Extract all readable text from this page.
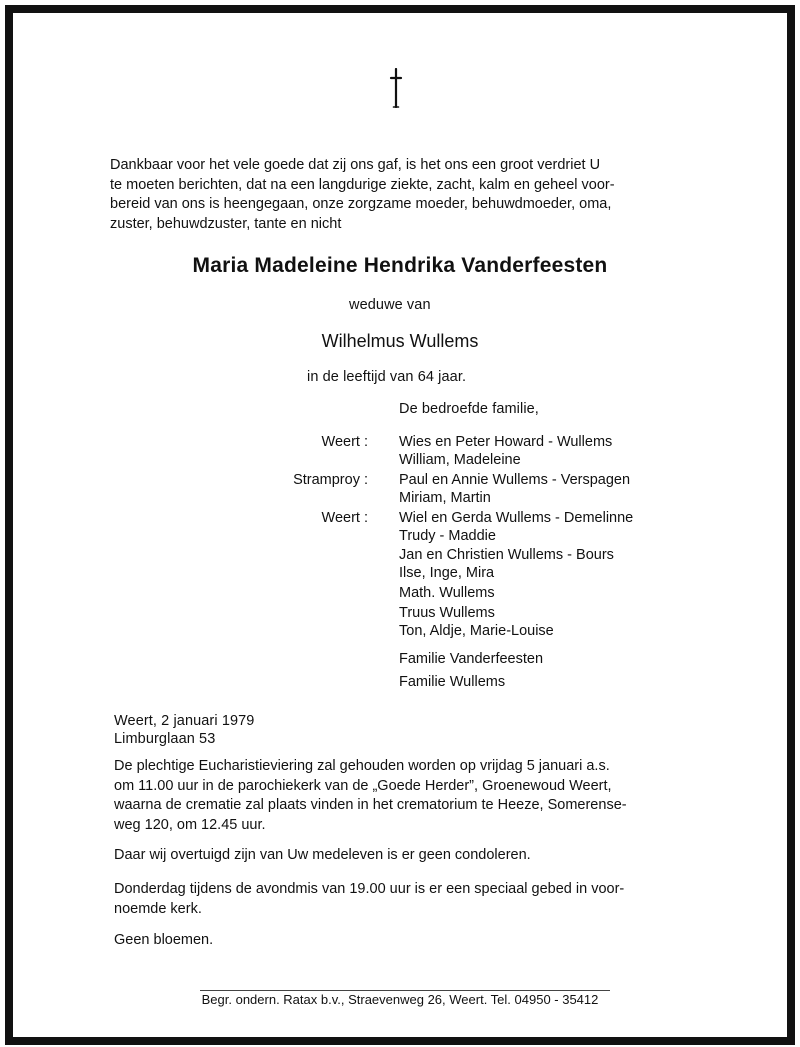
Dankbaar voor het vele goede dat zij ons gaf, is het ons een groot verdriet U
te moeten berichten, dat na een langdurige ziekte, zacht, kalm en geheel voor-
bereid van ons is heengegaan, onze zorgzame moeder, behuwdmoeder, oma,
zuster, behuwdzuster, tante en nicht
Maria Madeleine Hendrika Vanderfeesten
weduwe van
Wilhelmus Wullems
in de leeftijd van 64 jaar.
De bedroefde familie,
Weert :
Stramproy :
Weert :
Wies en Peter Howard - Wullems
William, Madeleine
Paul en Annie Wullems - Verspagen
Miriam, Martin
Wiel en Gerda Wullems - Demelinne
Trudy - Maddie
Jan en Christien Wullems - Bours
Ilse, Inge, Mira
Math. Wullems
Truus Wullems
Ton, Aldje, Marie-Louise
Familie Vanderfeesten
Familie Wullems
Weert, 2 januari 1979
Limburglaan 53
De plechtige Eucharistieviering zal gehouden worden op vrijdag 5 januari a.s.
om 11.00 uur in de parochiekerk van de „Goede Herder”, Groenewoud Weert,
waarna de crematie zal plaats vinden in het crematorium te Heeze, Somerense-
weg 120, om 12.45 uur.
Daar wij overtuigd zijn van Uw medeleven is er geen condoleren.
Donderdag tijdens de avondmis van 19.00 uur is er een speciaal gebed in voor-
noemde kerk.
Geen bloemen.
Begr. ondern. Ratax b.v., Straevenweg 26, Weert. Tel. 04950 - 35412
